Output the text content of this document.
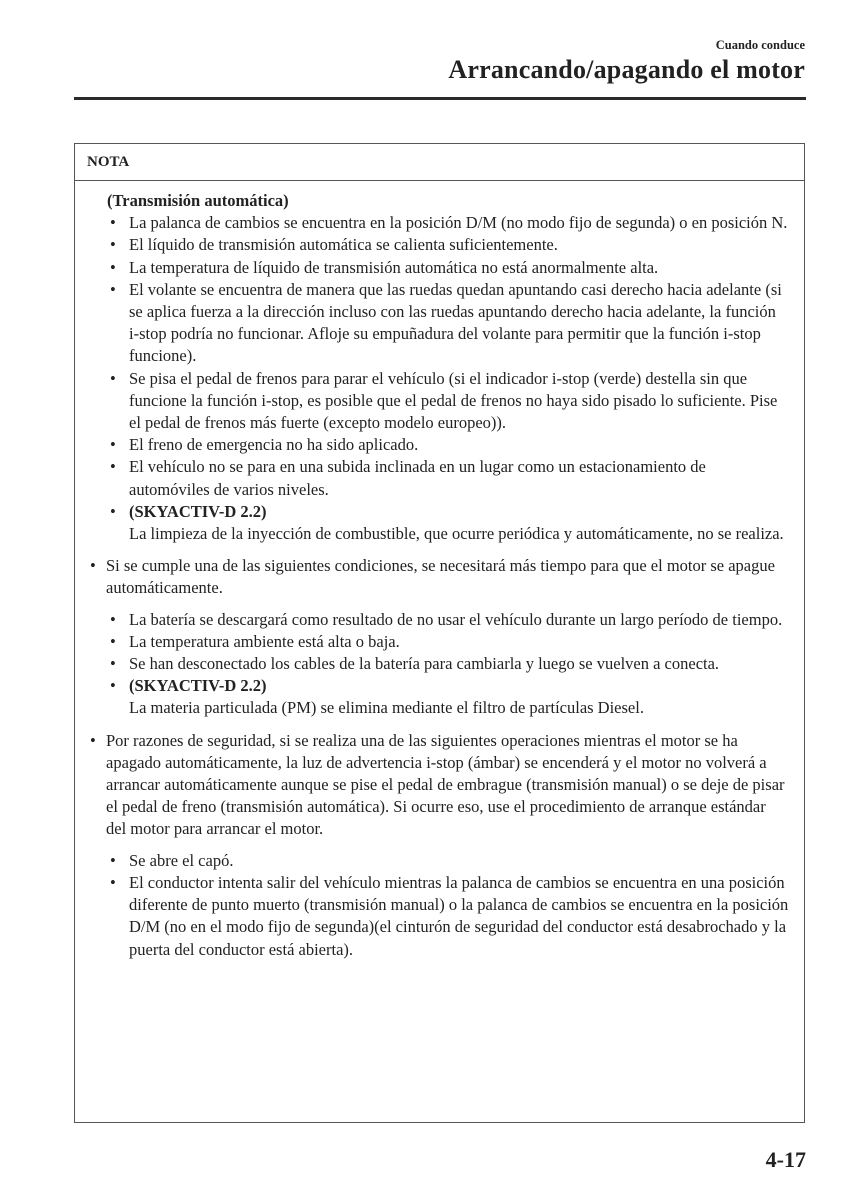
Cuando conduce
Arrancando/apagando el motor
NOTA
(Transmisión automática)
• La palanca de cambios se encuentra en la posición D/M (no modo fijo de segunda) o en posición N.
• El líquido de transmisión automática se calienta suficientemente.
• La temperatura de líquido de transmisión automática no está anormalmente alta.
• El volante se encuentra de manera que las ruedas quedan apuntando casi derecho hacia adelante (si se aplica fuerza a la dirección incluso con las ruedas apuntando derecho hacia adelante, la función i-stop podría no funcionar. Afloje su empuñadura del volante para permitir que la función i-stop funcione).
• Se pisa el pedal de frenos para parar el vehículo (si el indicador i-stop (verde) destella sin que funcione la función i-stop, es posible que el pedal de frenos no haya sido pisado lo suficiente. Pise el pedal de frenos más fuerte (excepto modelo europeo)).
• El freno de emergencia no ha sido aplicado.
• El vehículo no se para en una subida inclinada en un lugar como un estacionamiento de automóviles de varios niveles.
• (SKYACTIV-D 2.2)
La limpieza de la inyección de combustible, que ocurre periódica y automáticamente, no se realiza.
• Si se cumple una de las siguientes condiciones, se necesitará más tiempo para que el motor se apague automáticamente.
• La batería se descargará como resultado de no usar el vehículo durante un largo período de tiempo.
• La temperatura ambiente está alta o baja.
• Se han desconectado los cables de la batería para cambiarla y luego se vuelven a conecta.
• (SKYACTIV-D 2.2)
La materia particulada (PM) se elimina mediante el filtro de partículas Diesel.
• Por razones de seguridad, si se realiza una de las siguientes operaciones mientras el motor se ha apagado automáticamente, la luz de advertencia i-stop (ámbar) se encenderá y el motor no volverá a arrancar automáticamente aunque se pise el pedal de embrague (transmisión manual) o se deje de pisar el pedal de freno (transmisión automática). Si ocurre eso, use el procedimiento de arranque estándar del motor para arrancar el motor.
• Se abre el capó.
• El conductor intenta salir del vehículo mientras la palanca de cambios se encuentra en una posición diferente de punto muerto (transmisión manual) o la palanca de cambios se encuentra en la posición D/M (no en el modo fijo de segunda)(el cinturón de seguridad del conductor está desabrochado y la puerta del conductor está abierta).
4-17
